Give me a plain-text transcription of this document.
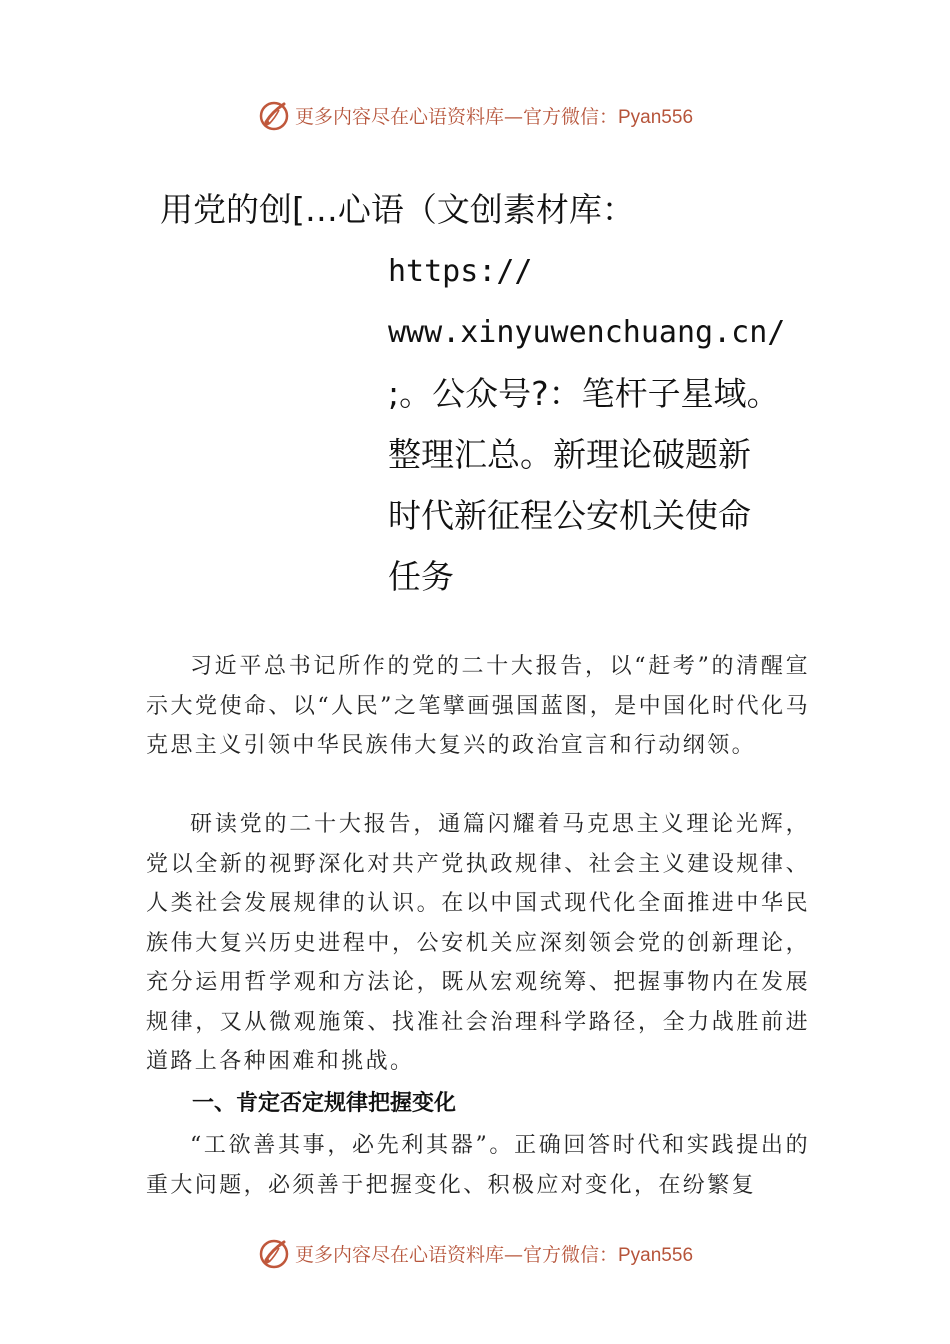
更多内容尽在心语资料库—官方微信：Pyan556
用党的创[…心语（文创素材库：
https://
www.xinyuwenchuang.cn/
;。公众号?：笔杆子星域。
整理汇总。新理论破题新
时代新征程公安机关使命
任务

习近平总书记所作的党的二十大报告，以“赶考”的清醒宣示大党使命、以“人民”之笔擘画强国蓝图，是中国化时代化马克思主义引领中华民族伟大复兴的政治宣言和行动纲领。

研读党的二十大报告，通篇闪耀着马克思主义理论光辉，党以全新的视野深化对共产党执政规律、社会主义建设规律、人类社会发展规律的认识。在以中国式现代化全面推进中华民族伟大复兴历史进程中，公安机关应深刻领会党的创新理论，充分运用哲学观和方法论，既从宏观统筹、把握事物内在发展规律，又从微观施策、找准社会治理科学路径，全力战胜前进道路上各种困难和挑战。

一、肯定否定规律把握变化

“工欲善其事，必先利其器”。正确回答时代和实践提出的重大问题，必须善于把握变化、积极应对变化，在纷繁复

更多内容尽在心语资料库—官方微信：Pyan556
